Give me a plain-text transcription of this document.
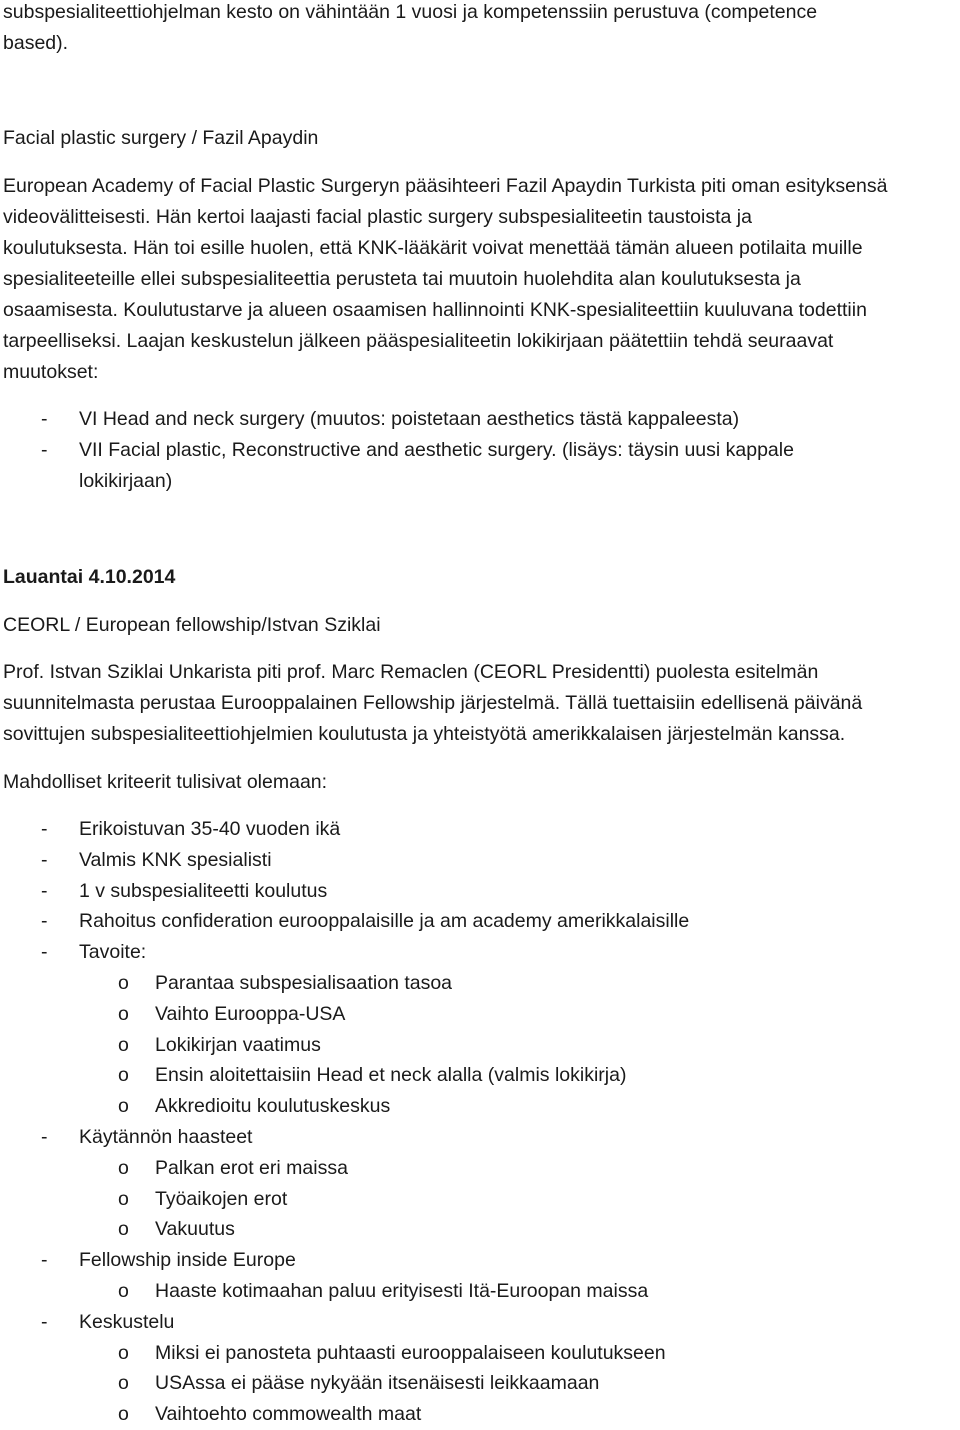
subspesialiteettiohjelman kesto on vähintään 1 vuosi ja kompetenssiin perustuva (competence
based).
Facial plastic surgery / Fazil Apaydin
European Academy of Facial Plastic Surgeryn pääsihteeri Fazil Apaydin Turkista piti oman esityksensä
videovälitteisesti. Hän kertoi laajasti facial plastic surgery subspesialiteetin taustoista ja
koulutuksesta. Hän toi esille huolen, että KNK-lääkärit voivat menettää tämän alueen potilaita muille
spesialiteeteille ellei subspesialiteettia perusteta tai muutoin huolehdita alan koulutuksesta ja
osaamisesta. Koulutustarve ja alueen osaamisen hallinnointi KNK-spesialiteettiin kuuluvana todettiin
tarpeelliseksi. Laajan keskustelun jälkeen pääspesialiteetin lokikirjaan päätettiin tehdä seuraavat
muutokset:
- VI Head and neck surgery (muutos: poistetaan aesthetics tästä kappaleesta)
- VII Facial plastic, Reconstructive and aesthetic surgery. (lisäys: täysin uusi kappale
lokikirjaan)
Lauantai 4.10.2014
CEORL / European fellowship/Istvan Sziklai
Prof. Istvan Sziklai Unkarista piti prof. Marc Remaclen (CEORL Presidentti) puolesta esitelmän
suunnitelmasta perustaa Eurooppalainen Fellowship järjestelmä. Tällä tuettaisiin edellisenä päivänä
sovittujen subspesialiteettiohjelmien koulutusta ja yhteistyötä amerikkalaisen järjestelmän kanssa.
Mahdolliset kriteerit tulisivat olemaan:
- Erikoistuvan 35-40 vuoden ikä
- Valmis KNK spesialisti
- 1 v subspesialiteetti koulutus
- Rahoitus confideration eurooppalaisille ja am academy amerikkalaisille
- Tavoite:
o Parantaa subspesialisaation tasoa
o Vaihto Eurooppa-USA
o Lokikirjan vaatimus
o Ensin aloitettaisiin Head et neck alalla (valmis lokikirja)
o Akkredioitu koulutuskeskus
- Käytännön haasteet
o Palkan erot eri maissa
o Työaikojen erot
o Vakuutus
- Fellowship inside Europe
o Haaste kotimaahan paluu erityisesti Itä-Euroopan maissa
- Keskustelu
o Miksi ei panosteta puhtaasti eurooppalaiseen koulutukseen
o USAssa ei pääse nykyään itsenäisesti leikkaamaan
o Vaihtoehto commowealth maat
